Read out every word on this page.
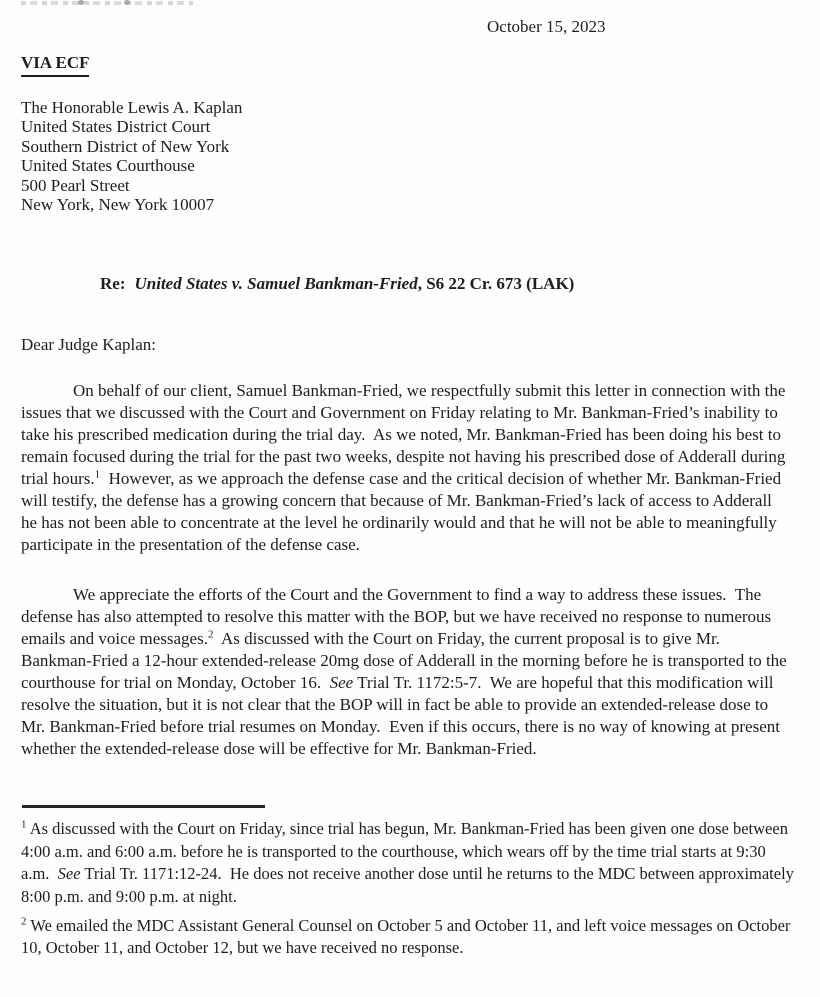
October 15, 2023
VIA ECF
The Honorable Lewis A. Kaplan
United States District Court
Southern District of New York
United States Courthouse
500 Pearl Street
New York, New York 10007

Re: United States v. Samuel Bankman-Fried, S6 22 Cr. 673 (LAK)

Dear Judge Kaplan:

On behalf of our client, Samuel Bankman-Fried, we respectfully submit this letter in connection with the issues that we discussed with the Court and Government on Friday relating to Mr. Bankman-Fried’s inability to take his prescribed medication during the trial day.  As we noted, Mr. Bankman-Fried has been doing his best to remain focused during the trial for the past two weeks, despite not having his prescribed dose of Adderall during trial hours.$^1$  However, as we approach the defense case and the critical decision of whether Mr. Bankman-Fried will testify, the defense has a growing concern that because of Mr. Bankman-Fried’s lack of access to Adderall he has not been able to concentrate at the level he ordinarily would and that he will not be able to meaningfully participate in the presentation of the defense case.

We appreciate the efforts of the Court and the Government to find a way to address these issues.  The defense has also attempted to resolve this matter with the BOP, but we have received no response to numerous emails and voice messages.$^2$  As discussed with the Court on Friday, the current proposal is to give Mr. Bankman-Fried a 12-hour extended-release 20mg dose of Adderall in the morning before he is transported to the courthouse for trial on Monday, October 16.  See Trial Tr. 1172:5-7.  We are hopeful that this modification will resolve the situation, but it is not clear that the BOP will in fact be able to provide an extended-release dose to Mr. Bankman-Fried before trial resumes on Monday.  Even if this occurs, there is no way of knowing at present whether the extended-release dose will be effective for Mr. Bankman-Fried.

$^1$ As discussed with the Court on Friday, since trial has begun, Mr. Bankman-Fried has been given one dose between 4:00 a.m. and 6:00 a.m. before he is transported to the courthouse, which wears off by the time trial starts at 9:30 a.m.  See Trial Tr. 1171:12-24.  He does not receive another dose until he returns to the MDC between approximately 8:00 p.m. and 9:00 p.m. at night.

$^2$ We emailed the MDC Assistant General Counsel on October 5 and October 11, and left voice messages on October 10, October 11, and October 12, but we have received no response.
